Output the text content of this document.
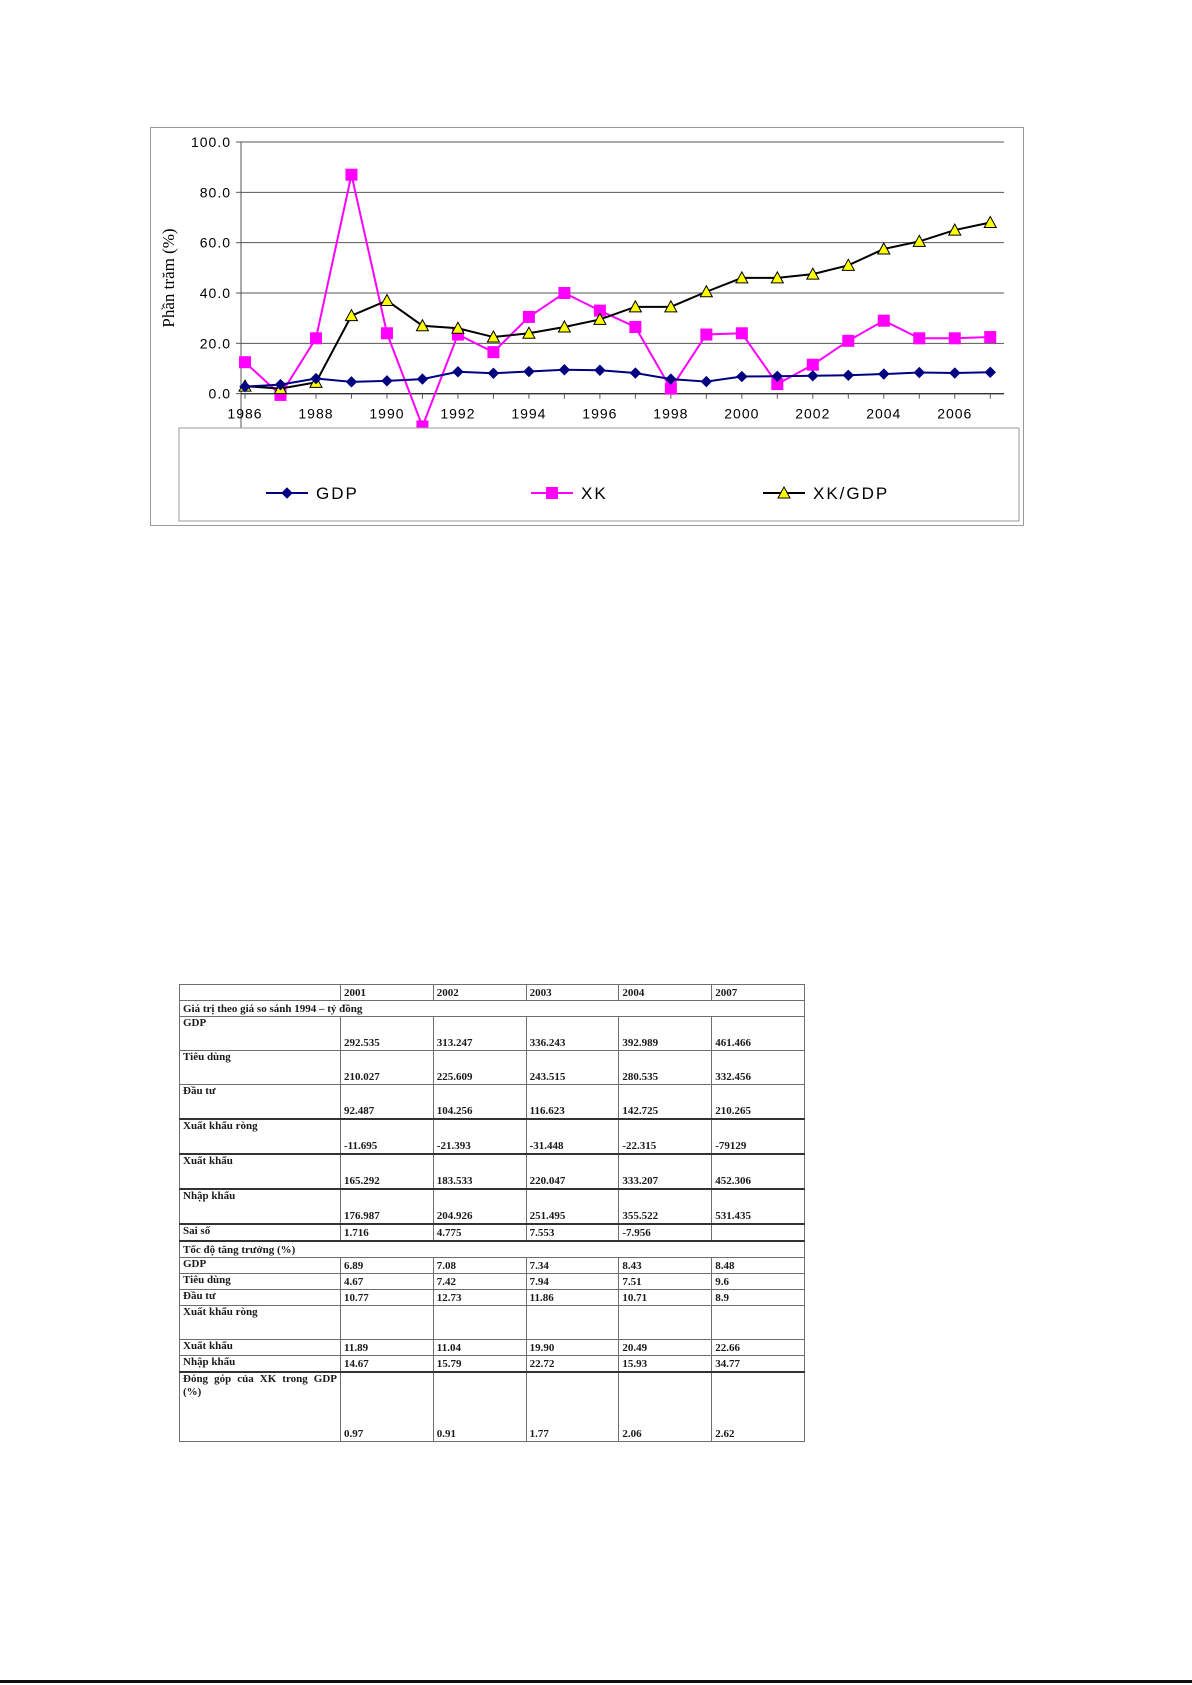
100.0
80.0
60.0
40.0
20.0
0.0
1986	1988	1990	1992	1994	1996	1998	2000	2002	2004	2006
Phần trăm (%)
GDP	XK	XK/GDP
	2001	2002	2003	2004	2007
Giá trị theo giá so sánh 1994 – tỷ đồng					
GDP	292.535	313.247	336.243	392.989	461.466
Tiêu dùng	210.027	225.609	243.515	280.535	332.456
Đầu tư	92.487	104.256	116.623	142.725	210.265
Xuất khẩu ròng	-11.695	-21.393	-31.448	-22.315	-79129
Xuất khẩu	165.292	183.533	220.047	333.207	452.306
Nhập khẩu	176.987	204.926	251.495	355.522	531.435
Sai số	1.716	4.775	7.553	-7.956	
Tốc độ tăng trưởng (%)					
GDP	6.89	7.08	7.34	8.43	8.48
Tiêu dùng	4.67	7.42	7.94	7.51	9.6
Đầu tư	10.77	12.73	11.86	10.71	8.9
Xuất khẩu ròng					
Xuất khẩu	11.89	11.04	19.90	20.49	22.66
Nhập khẩu	14.67	15.79	22.72	15.93	34.77
Đóng góp của XK trong GDP (%)	0.97	0.91	1.77	2.06	2.62
